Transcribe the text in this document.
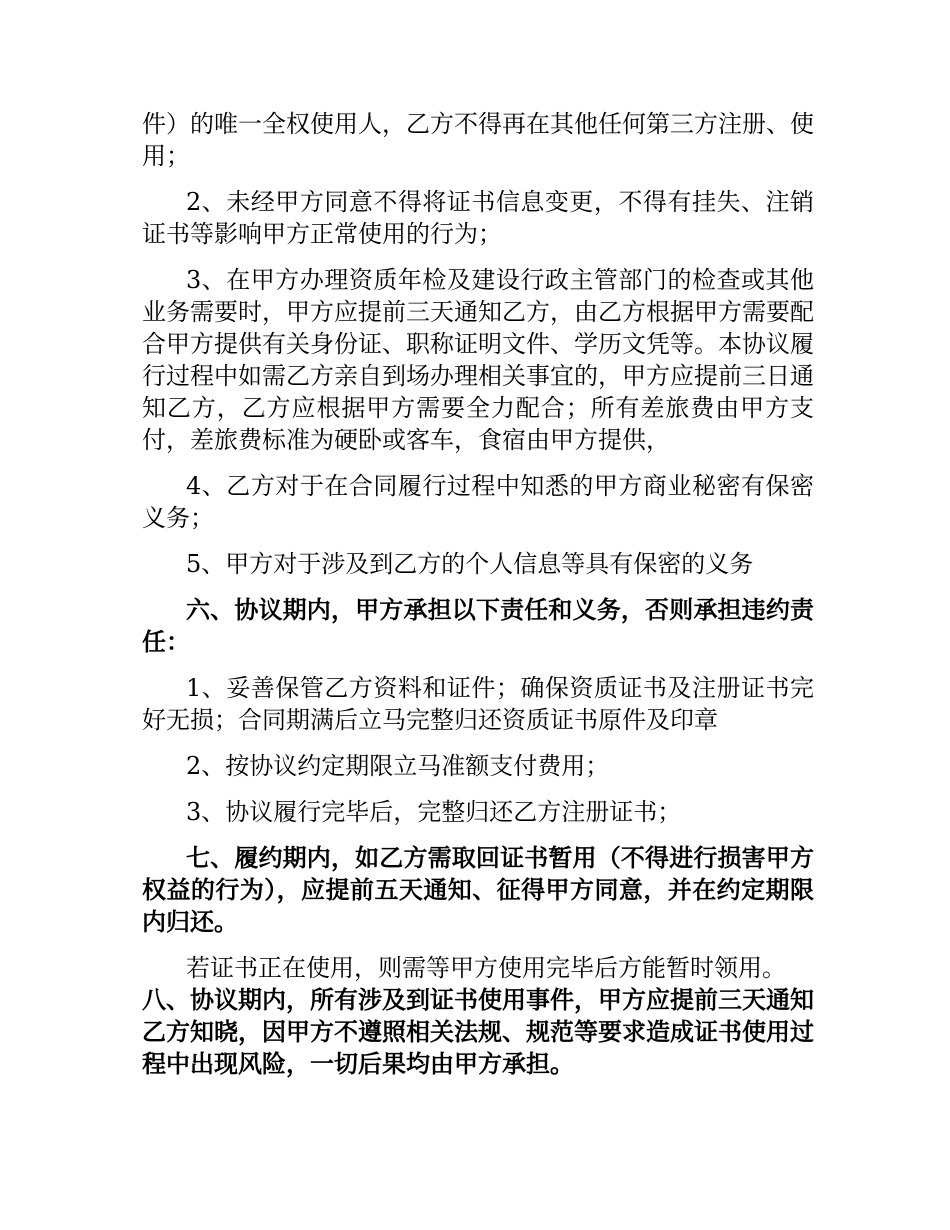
件）的唯一全权使用人，乙方不得再在其他任何第三方注册、使用；

2、未经甲方同意不得将证书信息变更，不得有挂失、注销证书等影响甲方正常使用的行为；

3、在甲方办理资质年检及建设行政主管部门的检查或其他业务需要时，甲方应提前三天通知乙方，由乙方根据甲方需要配合甲方提供有关身份证、职称证明文件、学历文凭等。本协议履行过程中如需乙方亲自到场办理相关事宜的，甲方应提前三日通知乙方，乙方应根据甲方需要全力配合；所有差旅费由甲方支付，差旅费标准为硬卧或客车，食宿由甲方提供，

4、乙方对于在合同履行过程中知悉的甲方商业秘密有保密义务；

5、甲方对于涉及到乙方的个人信息等具有保密的义务

六、协议期内，甲方承担以下责任和义务，否则承担违约责任：

1、妥善保管乙方资料和证件；确保资质证书及注册证书完好无损；合同期满后立马完整归还资质证书原件及印章

2、按协议约定期限立马准额支付费用；

3、协议履行完毕后，完整归还乙方注册证书；

七、履约期内，如乙方需取回证书暂用（不得进行损害甲方权益的行为），应提前五天通知、征得甲方同意，并在约定期限内归还。

若证书正在使用，则需等甲方使用完毕后方能暂时领用。

八、协议期内，所有涉及到证书使用事件，甲方应提前三天通知乙方知晓，因甲方不遵照相关法规、规范等要求造成证书使用过程中出现风险，一切后果均由甲方承担。
